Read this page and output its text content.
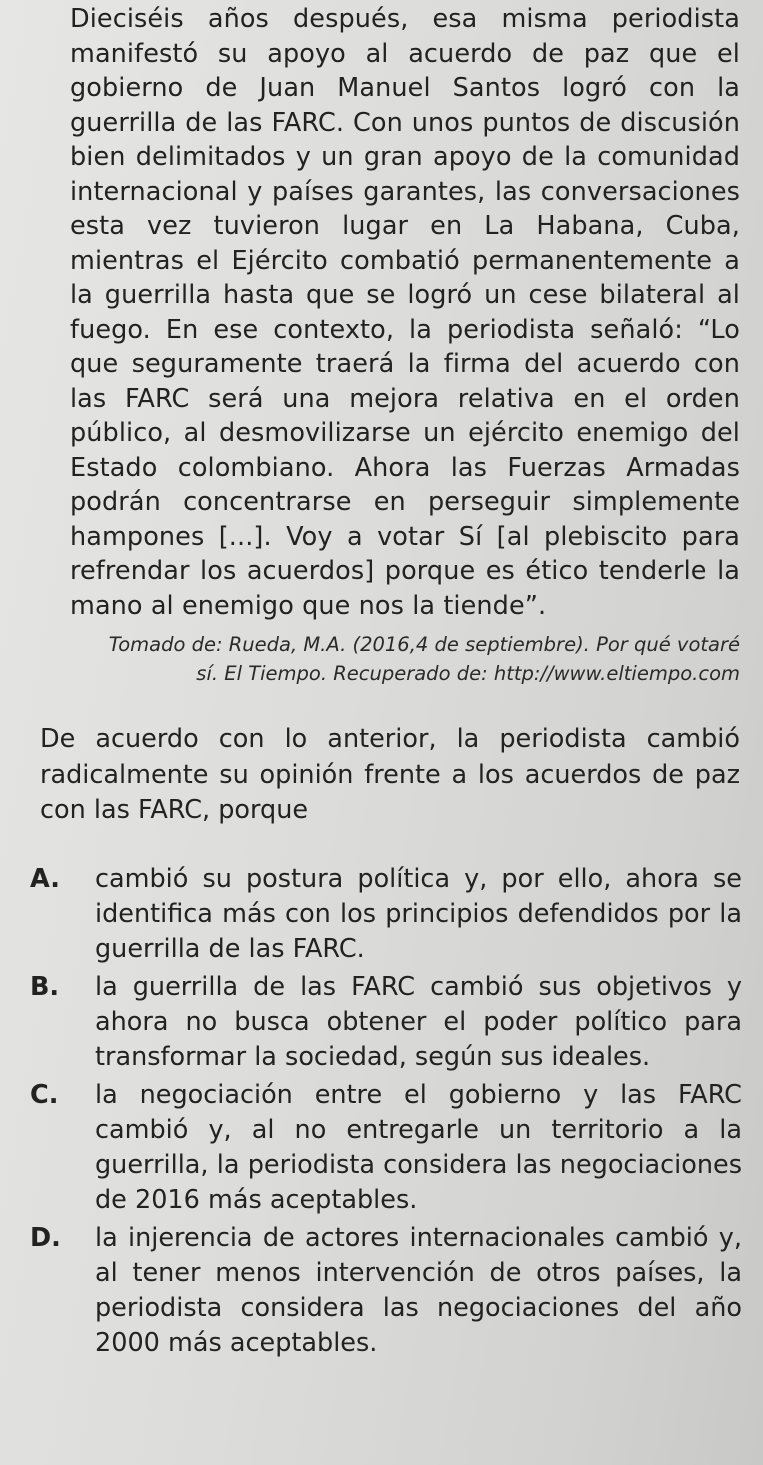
Dieciséis años después, esa misma periodista manifestó su apoyo al acuerdo de paz que el gobierno de Juan Manuel Santos logró con la guerrilla de las FARC. Con unos puntos de discusión bien delimitados y un gran apoyo de la comunidad internacional y países garantes, las conversaciones esta vez tuvieron lugar en La Habana, Cuba, mientras el Ejército combatió permanentemente a la guerrilla hasta que se logró un cese bilateral al fuego. En ese contexto, la periodista señaló: “Lo que seguramente traerá la firma del acuerdo con las FARC será una mejora relativa en el orden público, al desmovilizarse un ejército enemigo del Estado colombiano. Ahora las Fuerzas Armadas podrán concentrarse en perseguir simplemente hampones [...]. Voy a votar Sí [al plebiscito para refrendar los acuerdos] porque es ético tenderle la mano al enemigo que nos la tiende”.

Tomado de: Rueda, M.A. (2016,4 de septiembre). Por qué votaré sí. El Tiempo. Recuperado de: http://www.eltiempo.com

De acuerdo con lo anterior, la periodista cambió radicalmente su opinión frente a los acuerdos de paz con las FARC, porque

A. cambió su postura política y, por ello, ahora se identifica más con los principios defendidos por la guerrilla de las FARC.
B. la guerrilla de las FARC cambió sus objetivos y ahora no busca obtener el poder político para transformar la sociedad, según sus ideales.
C. la negociación entre el gobierno y las FARC cambió y, al no entregarle un territorio a la guerrilla, la periodista considera las negociaciones de 2016 más aceptables.
D. la injerencia de actores internacionales cambió y, al tener menos intervención de otros países, la periodista considera las negociaciones del año 2000 más aceptables.
